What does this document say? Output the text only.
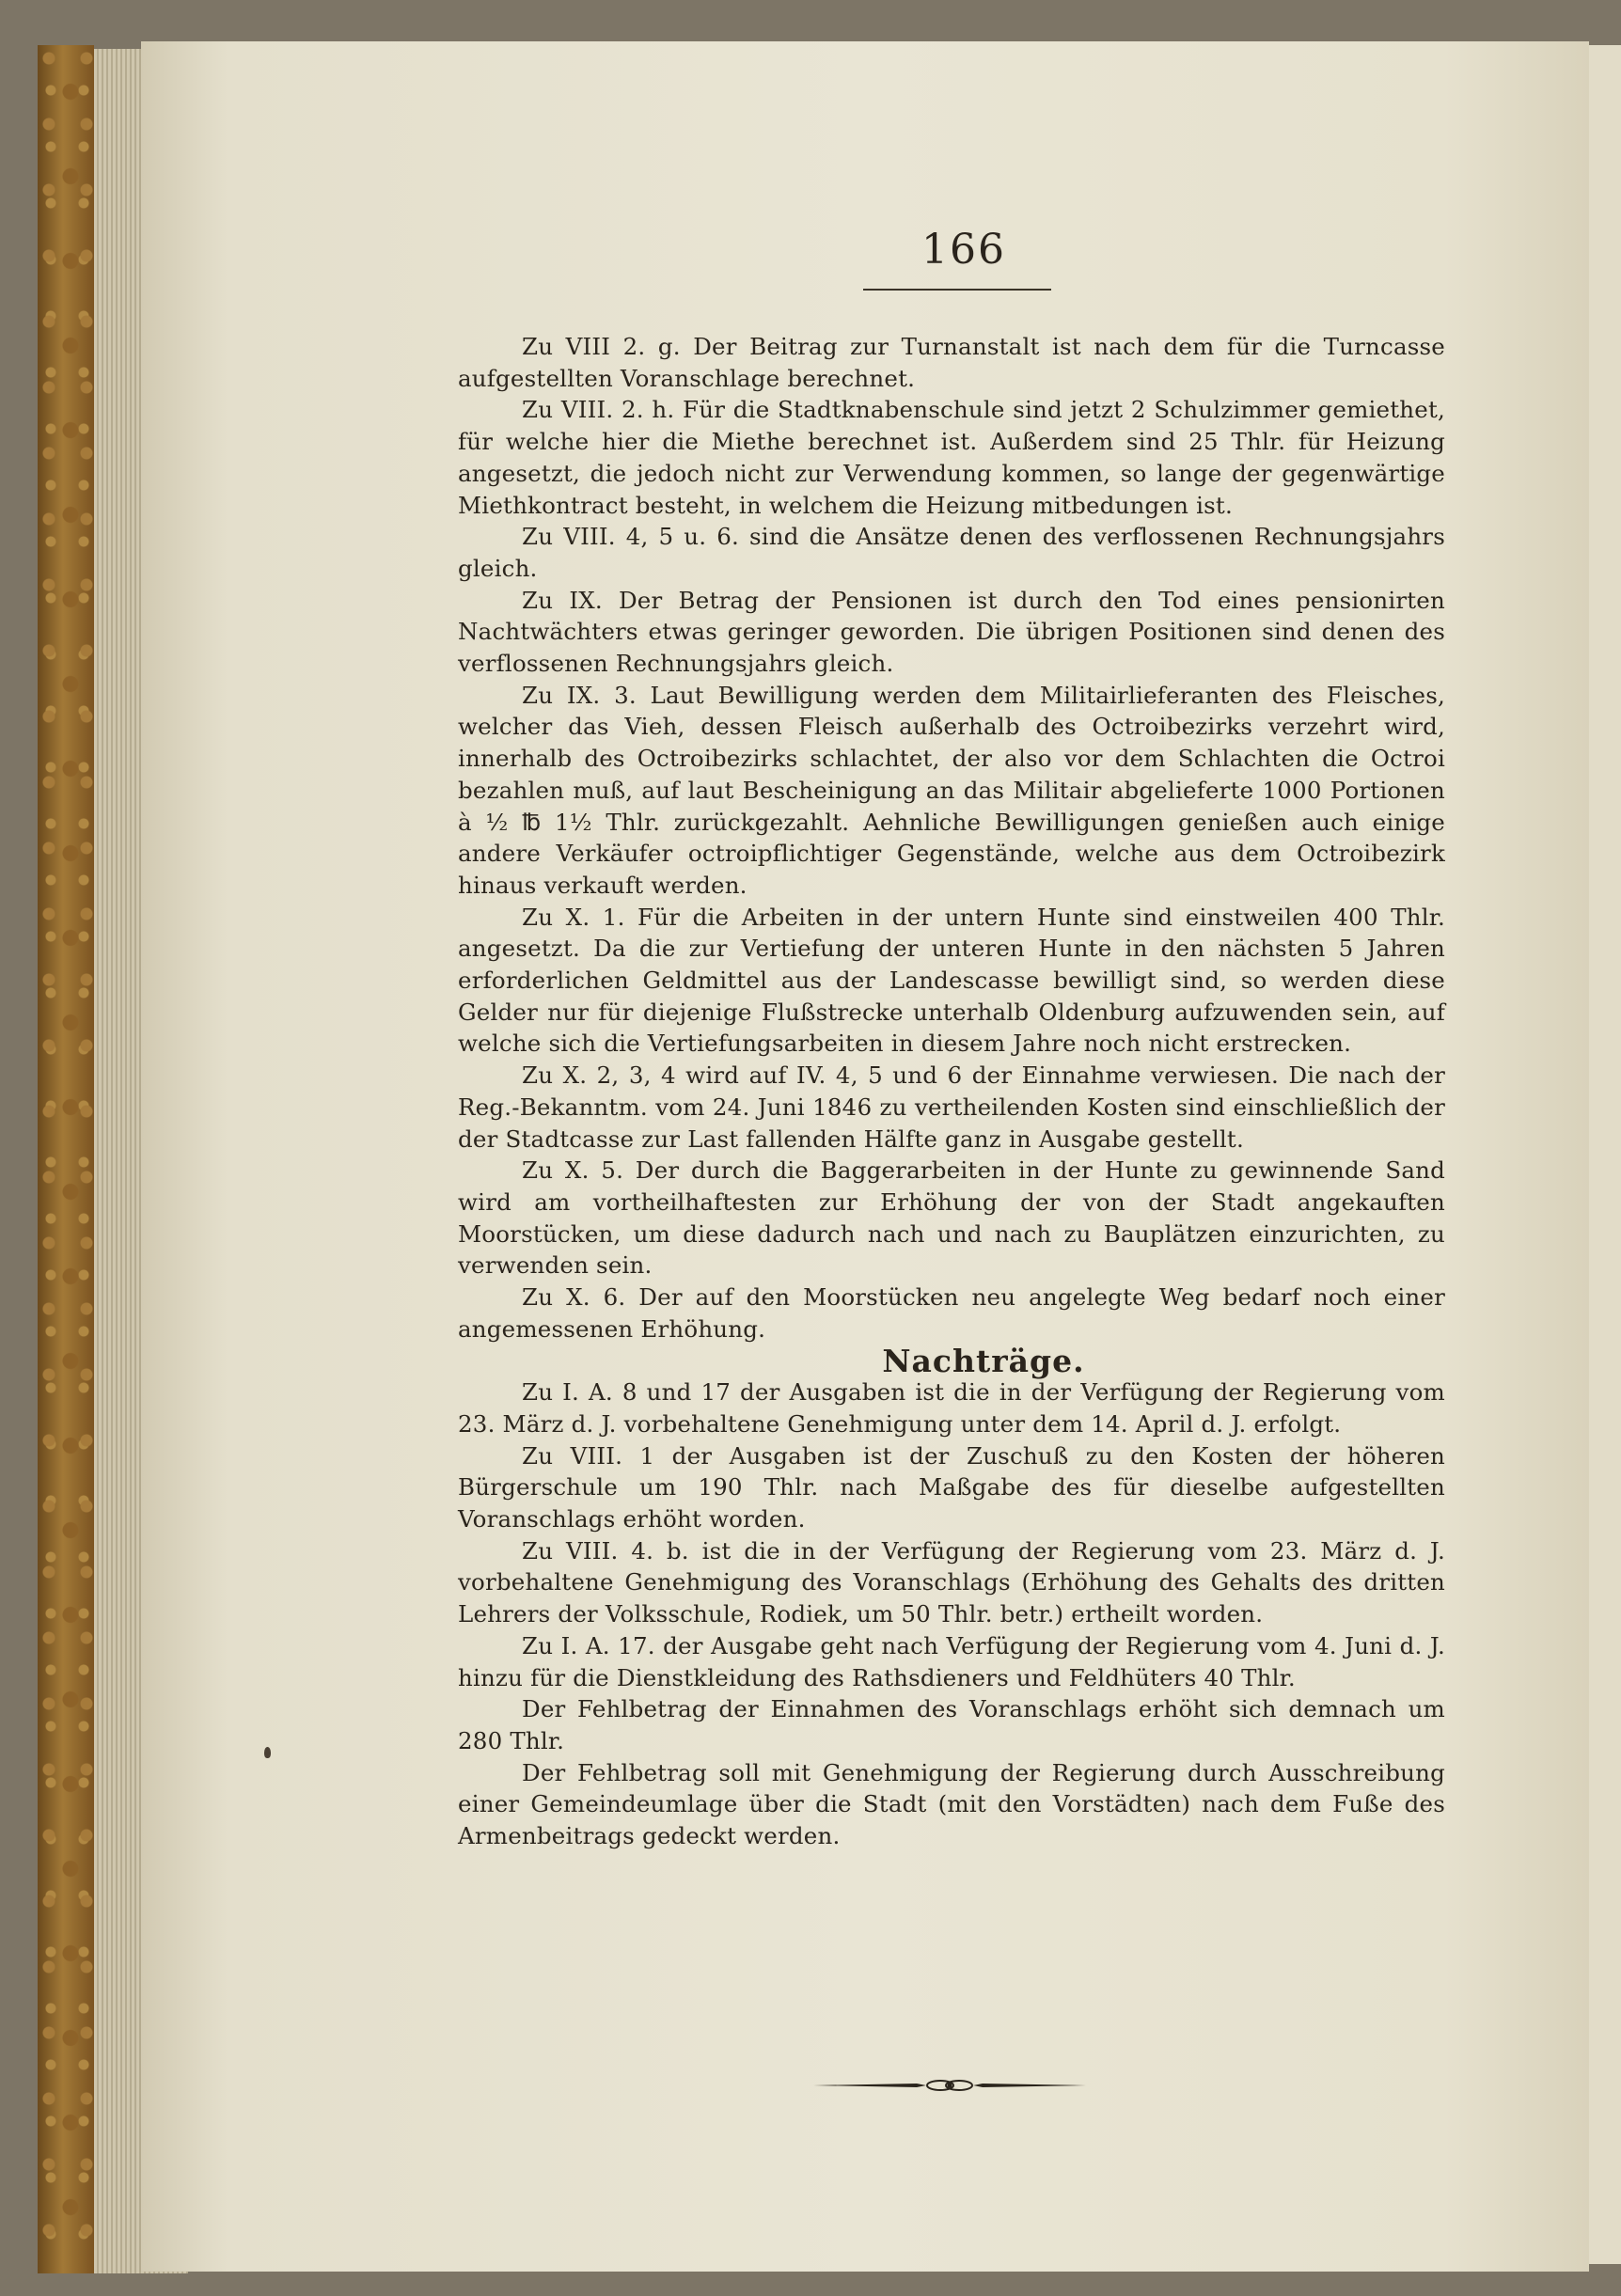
166

Zu VIII 2. g. Der Beitrag zur Turnanstalt ist nach dem für die Turncasse aufgestellten Voranschlage berechnet.

Zu VIII. 2. h. Für die Stadtknabenschule sind jetzt 2 Schulzimmer gemiethet, für welche hier die Miethe berechnet ist. Außerdem sind 25 Thlr. für Heizung angesetzt, die jedoch nicht zur Verwendung kommen, so lange der gegenwärtige Miethkontract besteht, in welchem die Heizung mitbedungen ist.

Zu VIII. 4, 5 u. 6. sind die Ansätze denen des verflossenen Rechnungsjahrs gleich.

Zu IX. Der Betrag der Pensionen ist durch den Tod eines pensionirten Nachtwächters etwas geringer geworden. Die übrigen Positionen sind denen des verflossenen Rechnungsjahrs gleich.

Zu IX. 3. Laut Bewilligung werden dem Militairlieferanten des Fleisches, welcher das Vieh, dessen Fleisch außerhalb des Octroibezirks verzehrt wird, innerhalb des Octroibezirks schlachtet, der also vor dem Schlachten die Octroi bezahlen muß, auf laut Bescheinigung an das Militair abgelieferte 1000 Portionen à ½ ℔ 1½ Thlr. zurückgezahlt. Aehnliche Bewilligungen genießen auch einige andere Verkäufer octroipflichtiger Gegenstände, welche aus dem Octroibezirk hinaus verkauft werden.

Zu X. 1. Für die Arbeiten in der untern Hunte sind einstweilen 400 Thlr. angesetzt. Da die zur Vertiefung der unteren Hunte in den nächsten 5 Jahren erforderlichen Geldmittel aus der Landescasse bewilligt sind, so werden diese Gelder nur für diejenige Flußstrecke unterhalb Oldenburg aufzuwenden sein, auf welche sich die Vertiefungsarbeiten in diesem Jahre noch nicht erstrecken.

Zu X. 2, 3, 4 wird auf IV. 4, 5 und 6 der Einnahme verwiesen. Die nach der Reg.-Bekanntm. vom 24. Juni 1846 zu vertheilenden Kosten sind einschließlich der der Stadtcasse zur Last fallenden Hälfte ganz in Ausgabe gestellt.

Zu X. 5. Der durch die Baggerarbeiten in der Hunte zu gewinnende Sand wird am vortheilhaftesten zur Erhöhung der von der Stadt angekauften Moorstücken, um diese dadurch nach und nach zu Bauplätzen einzurichten, zu verwenden sein.

Zu X. 6. Der auf den Moorstücken neu angelegte Weg bedarf noch einer angemessenen Erhöhung.

Nachträge.

Zu I. A. 8 und 17 der Ausgaben ist die in der Verfügung der Regierung vom 23. März d. J. vorbehaltene Genehmigung unter dem 14. April d. J. erfolgt.

Zu VIII. 1 der Ausgaben ist der Zuschuß zu den Kosten der höheren Bürgerschule um 190 Thlr. nach Maßgabe des für dieselbe aufgestellten Voranschlags erhöht worden.

Zu VIII. 4. b. ist die in der Verfügung der Regierung vom 23. März d. J. vorbehaltene Genehmigung des Voranschlags (Erhöhung des Gehalts des dritten Lehrers der Volksschule, Rodiek, um 50 Thlr. betr.) ertheilt worden.

Zu I. A. 17. der Ausgabe geht nach Verfügung der Regierung vom 4. Juni d. J. hinzu für die Dienstkleidung des Rathsdieners und Feldhüters 40 Thlr.

Der Fehlbetrag der Einnahmen des Voranschlags erhöht sich demnach um 280 Thlr.

Der Fehlbetrag soll mit Genehmigung der Regierung durch Ausschreibung einer Gemeindeumlage über die Stadt (mit den Vorstädten) nach dem Fuße des Armenbeitrags gedeckt werden.
